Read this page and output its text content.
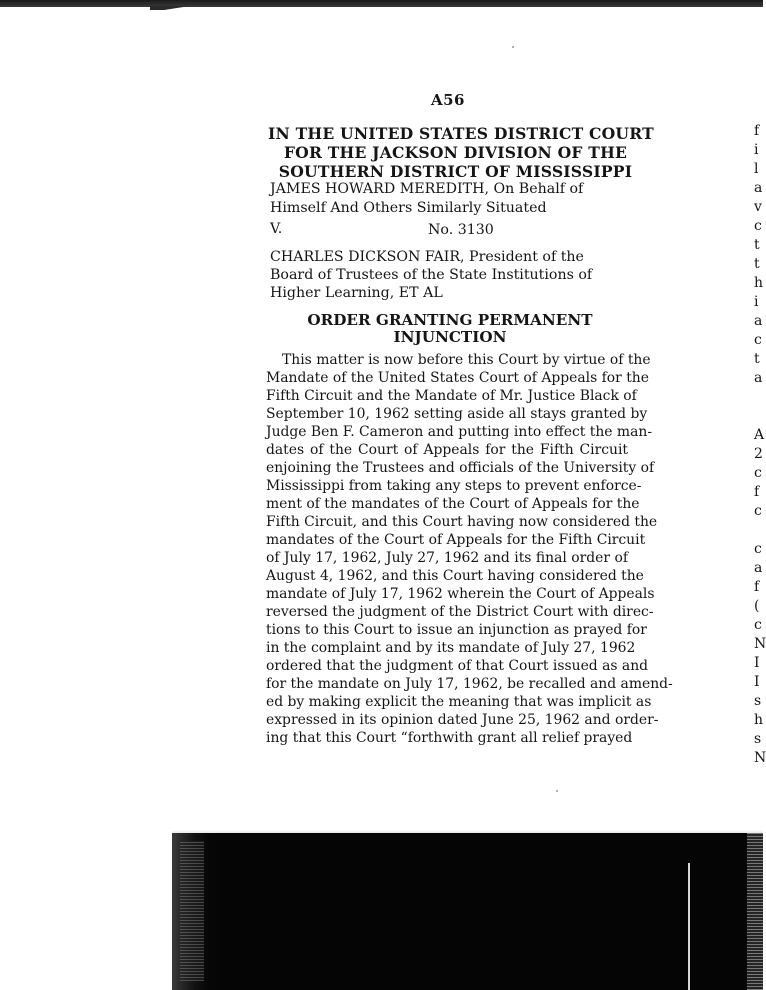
A56
IN THE UNITED STATES DISTRICT COURT
FOR THE JACKSON DIVISION OF THE
SOUTHERN DISTRICT OF MISSISSIPPI
JAMES HOWARD MEREDITH, On Behalf of
Himself And Others Similarly Situated
V.	No. 3130
CHARLES DICKSON FAIR, President of the
Board of Trustees of the State Institutions of
Higher Learning, ET AL
ORDER GRANTING PERMANENT
INJUNCTION
This matter is now before this Court by virtue of the
Mandate of the United States Court of Appeals for the
Fifth Circuit and the Mandate of Mr. Justice Black of
September 10, 1962 setting aside all stays granted by
Judge Ben F. Cameron and putting into effect the man-
dates of the Court of Appeals for the Fifth Circuit
enjoining the Trustees and officials of the University of
Mississippi from taking any steps to prevent enforce-
ment of the mandates of the Court of Appeals for the
Fifth Circuit, and this Court having now considered the
mandates of the Court of Appeals for the Fifth Circuit
of July 17, 1962, July 27, 1962 and its final order of
August 4, 1962, and this Court having considered the
mandate of July 17, 1962 wherein the Court of Appeals
reversed the judgment of the District Court with direc-
tions to this Court to issue an injunction as prayed for
in the complaint and by its mandate of July 27, 1962
ordered that the judgment of that Court issued as and
for the mandate on July 17, 1962, be recalled and amend-
ed by making explicit the meaning that was implicit as
expressed in its opinion dated June 25, 1962 and order-
ing that this Court “forthwith grant all relief prayed
f
i
l
a
v
c
t
t
h
i
a
c
t
a
A
2
c
f
c
c
a
f
(
c
N
I
I
s
h
s
N
